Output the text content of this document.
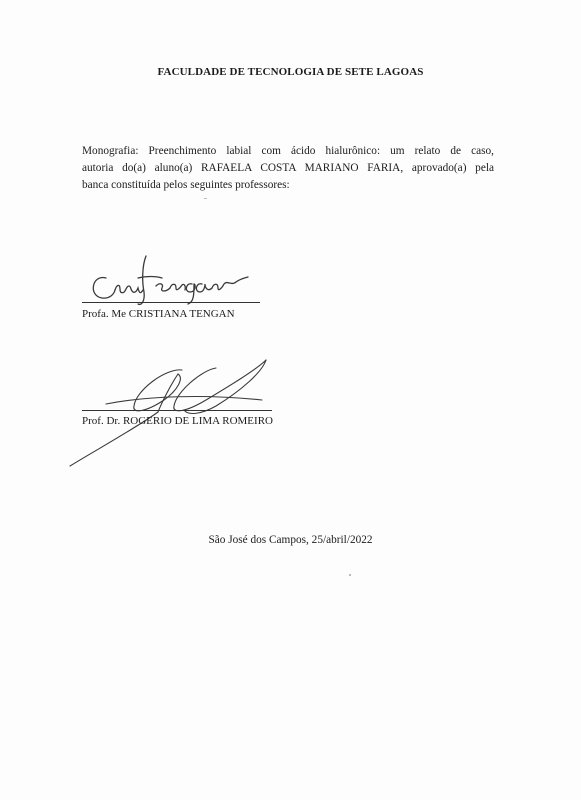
FACULDADE DE TECNOLOGIA DE SETE LAGOAS
Monografia: Preenchimento labial com ácido hialurônico: um relato de caso,
autoria do(a) aluno(a) RAFAELA COSTA MARIANO FARIA, aprovado(a) pela
banca constituída pelos seguintes professores:
Profa. Me CRISTIANA TENGAN
Prof. Dr. ROGERIO DE LIMA ROMEIRO
São José dos Campos, 25/abril/2022
